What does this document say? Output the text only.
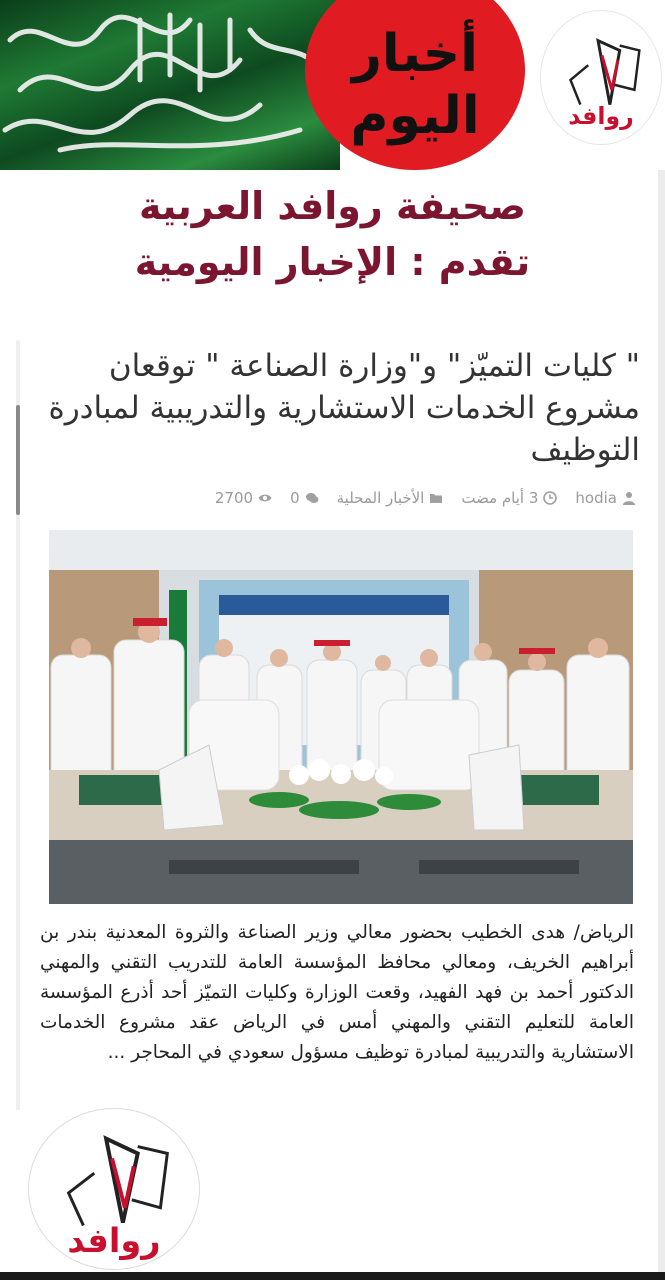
أخبار
اليوم	روافد
صحيفة روافد العربية
تقدم : الإخبار اليومية
" كليات التميّز" و"وزارة الصناعة " توقعان مشروع الخدمات الاستشارية والتدريبية لمبادرة التوظيف
hodia
3 أيام مضت
الأخبار المحلية
0
2700
الرياض/ هدى الخطيب بحضور معالي وزير الصناعة والثروة المعدنية بندر بن أبراهيم الخريف، ومعالي محافظ المؤسسة العامة للتدريب التقني والمهني الدكتور أحمد بن فهد الفهيد، وقعت الوزارة وكليات التميّز أحد أذرع المؤسسة العامة للتعليم التقني والمهني أمس في الرياض عقد مشروع الخدمات الاستشارية والتدريبية لمبادرة توظيف مسؤول سعودي في المحاجر ...
روافد
